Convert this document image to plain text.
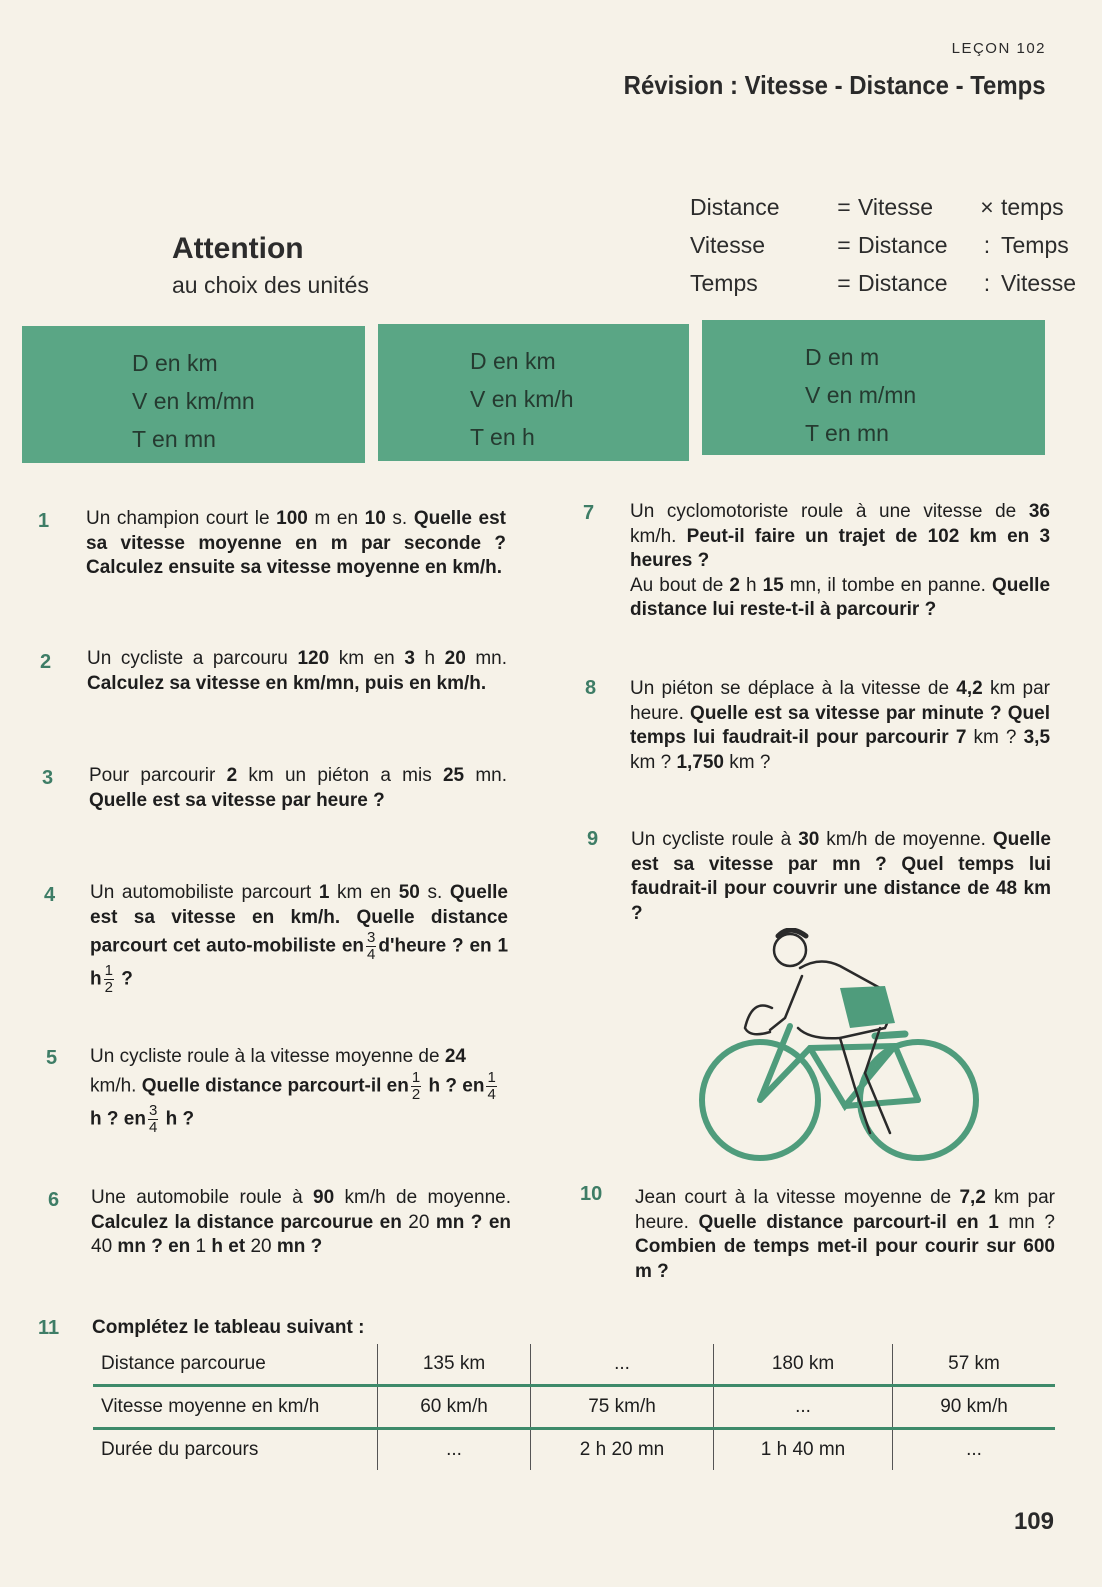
LEÇON 102
Révision : Vitesse - Distance - Temps
Attention
au choix des unités
Distance	= Vitesse	× temps
Vitesse	= Distance	: Temps
Temps	= Distance	: Vitesse
D en km
V en km/mn
T en mn
D en km
V en km/h
T en h
D en m
V en m/mn
T en mn
1 Un champion court le 100 m en 10 s. Quelle est sa vitesse moyenne en m par seconde ? Calculez ensuite sa vitesse moyenne en km/h.
2 Un cycliste a parcouru 120 km en 3 h 20 mn. Calculez sa vitesse en km/mn, puis en km/h.
3 Pour parcourir 2 km un piéton a mis 25 mn. Quelle est sa vitesse par heure ?
4 Un automobiliste parcourt 1 km en 50 s. Quelle est sa vitesse en km/h. Quelle distance parcourt cet auto-mobiliste en $\frac{3}{4}$ d'heure ? en 1 h $\frac{1}{2}$ ?
5 Un cycliste roule à la vitesse moyenne de 24 km/h. Quelle distance parcourt-il en $\frac{1}{2}$ h ? en $\frac{1}{4}$
h ? en $\frac{3}{4}$ h ?
6 Une automobile roule à 90 km/h de moyenne. Calculez la distance parcourue en 20 mn ? en 40 mn ? en 1 h et 20 mn ?
7 Un cyclomotoriste roule à une vitesse de 36 km/h. Peut-il faire un trajet de 102 km en 3 heures ?
Au bout de 2 h 15 mn, il tombe en panne. Quelle distance lui reste-t-il à parcourir ?
8 Un piéton se déplace à la vitesse de 4,2 km par heure. Quelle est sa vitesse par minute ? Quel temps lui faudrait-il pour parcourir 7 km ? 3,5 km ? 1,750 km ?
9 Un cycliste roule à 30 km/h de moyenne. Quelle est sa vitesse par mn ? Quel temps lui faudrait-il pour couvrir une distance de 48 km ?
10 Jean court à la vitesse moyenne de 7,2 km par heure. Quelle distance parcourt-il en 1 mn ? Combien de temps met-il pour courir sur 600 m ?
11 Complétez le tableau suivant :
Distance parcourue	135 km	...	180 km	57 km
Vitesse moyenne en km/h	60 km/h	75 km/h	...	90 km/h
Durée du parcours	...	2 h 20 mn	1 h 40 mn	...
109
